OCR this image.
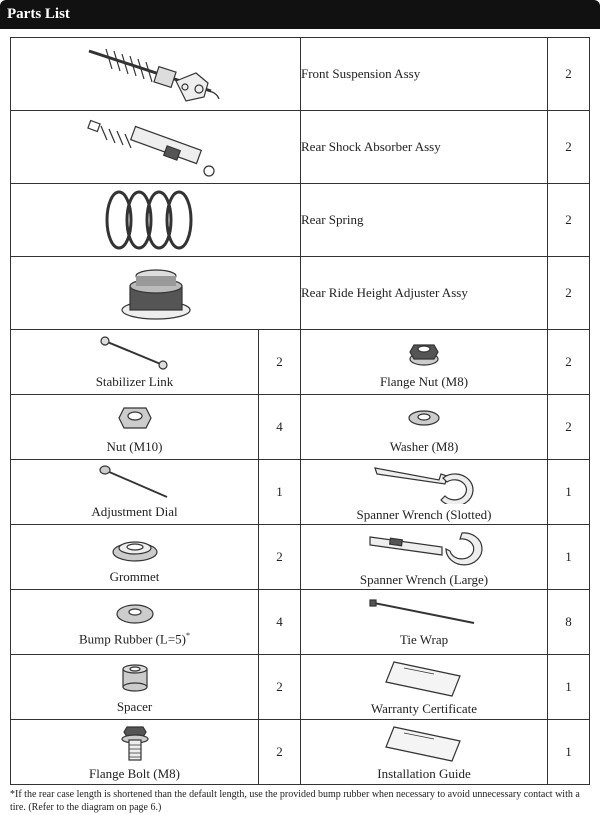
Parts List
	Front Suspension Assy	2

	Rear Shock Absorber Assy	2

	Rear Spring	2

	Rear Ride Height Adjuster Assy	2

Stabilizer Link	2	Flange Nut (M8)	2

Nut (M10)	4	Washer (M8)	2

Adjustment Dial	1	Spanner Wrench (Slotted)	1

Grommet	2	Spanner Wrench (Large)	1

Bump Rubber (L=5)*	4	Tie Wrap	8

Spacer	2	Warranty Certificate	1

Flange Bolt (M8)	2	Installation Guide	1
*If the rear case length is shortened than the default length, use the provided bump rubber when necessary to avoid unnecessary contact with a tire. (Refer to the diagram on page 6.)
